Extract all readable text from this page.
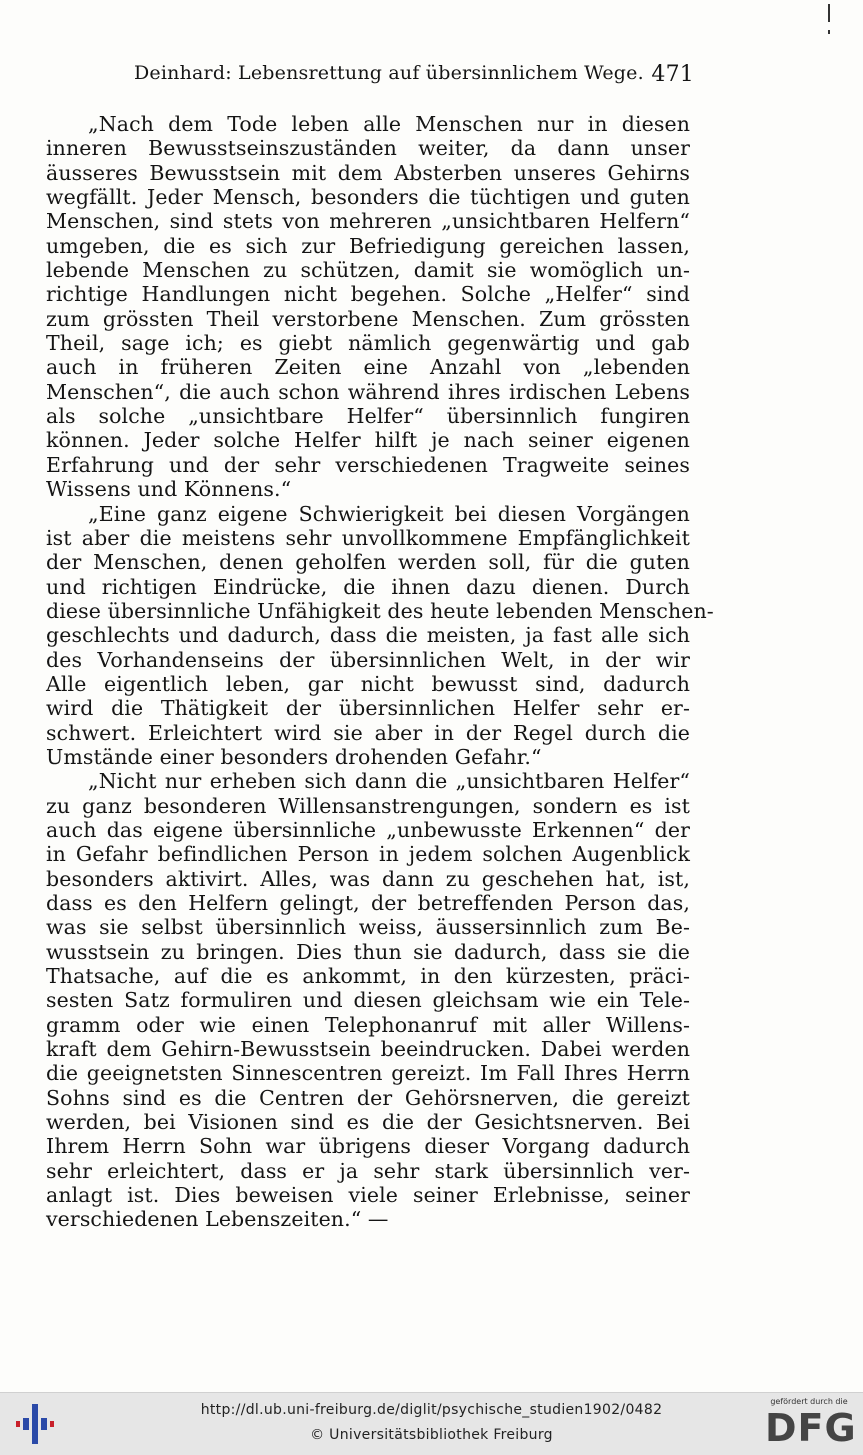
Deinhard: Lebensrettung auf übersinnlichem Wege. 471
„Nach dem Tode leben alle Menschen nur in diesen
inneren Bewusstseinszuständen weiter, da dann unser
äusseres Bewusstsein mit dem Absterben unseres Gehirns
wegfällt. Jeder Mensch, besonders die tüchtigen und guten
Menschen, sind stets von mehreren „unsichtbaren Helfern“
umgeben, die es sich zur Befriedigung gereichen lassen,
lebende Menschen zu schützen, damit sie womöglich un-
richtige Handlungen nicht begehen. Solche „Helfer“ sind
zum grössten Theil verstorbene Menschen. Zum grössten
Theil, sage ich; es giebt nämlich gegenwärtig und gab
auch in früheren Zeiten eine Anzahl von „lebenden
Menschen“, die auch schon während ihres irdischen Lebens
als solche „unsichtbare Helfer“ übersinnlich fungiren
können. Jeder solche Helfer hilft je nach seiner eigenen
Erfahrung und der sehr verschiedenen Tragweite seines
Wissens und Könnens.“
„Eine ganz eigene Schwierigkeit bei diesen Vorgängen
ist aber die meistens sehr unvollkommene Empfänglichkeit
der Menschen, denen geholfen werden soll, für die guten
und richtigen Eindrücke, die ihnen dazu dienen. Durch
diese übersinnliche Unfähigkeit des heute lebenden Menschen-
geschlechts und dadurch, dass die meisten, ja fast alle sich
des Vorhandenseins der übersinnlichen Welt, in der wir
Alle eigentlich leben, gar nicht bewusst sind, dadurch
wird die Thätigkeit der übersinnlichen Helfer sehr er-
schwert. Erleichtert wird sie aber in der Regel durch die
Umstände einer besonders drohenden Gefahr.“
„Nicht nur erheben sich dann die „unsichtbaren Helfer“
zu ganz besonderen Willensanstrengungen, sondern es ist
auch das eigene übersinnliche „unbewusste Erkennen“ der
in Gefahr befindlichen Person in jedem solchen Augenblick
besonders aktivirt. Alles, was dann zu geschehen hat, ist,
dass es den Helfern gelingt, der betreffenden Person das,
was sie selbst übersinnlich weiss, äussersinnlich zum Be-
wusstsein zu bringen. Dies thun sie dadurch, dass sie die
Thatsache, auf die es ankommt, in den kürzesten, präci-
sesten Satz formuliren und diesen gleichsam wie ein Tele-
gramm oder wie einen Telephonanruf mit aller Willens-
kraft dem Gehirn-Bewusstsein beeindrucken. Dabei werden
die geeignetsten Sinnescentren gereizt. Im Fall Ihres Herrn
Sohns sind es die Centren der Gehörsnerven, die gereizt
werden, bei Visionen sind es die der Gesichtsnerven. Bei
Ihrem Herrn Sohn war übrigens dieser Vorgang dadurch
sehr erleichtert, dass er ja sehr stark übersinnlich ver-
anlagt ist. Dies beweisen viele seiner Erlebnisse, seiner
verschiedenen Lebenszeiten.“ —
http://dl.ub.uni-freiburg.de/diglit/psychische_studien1902/0482
© Universitätsbibliothek Freiburg
gefördert durch die
DFG
